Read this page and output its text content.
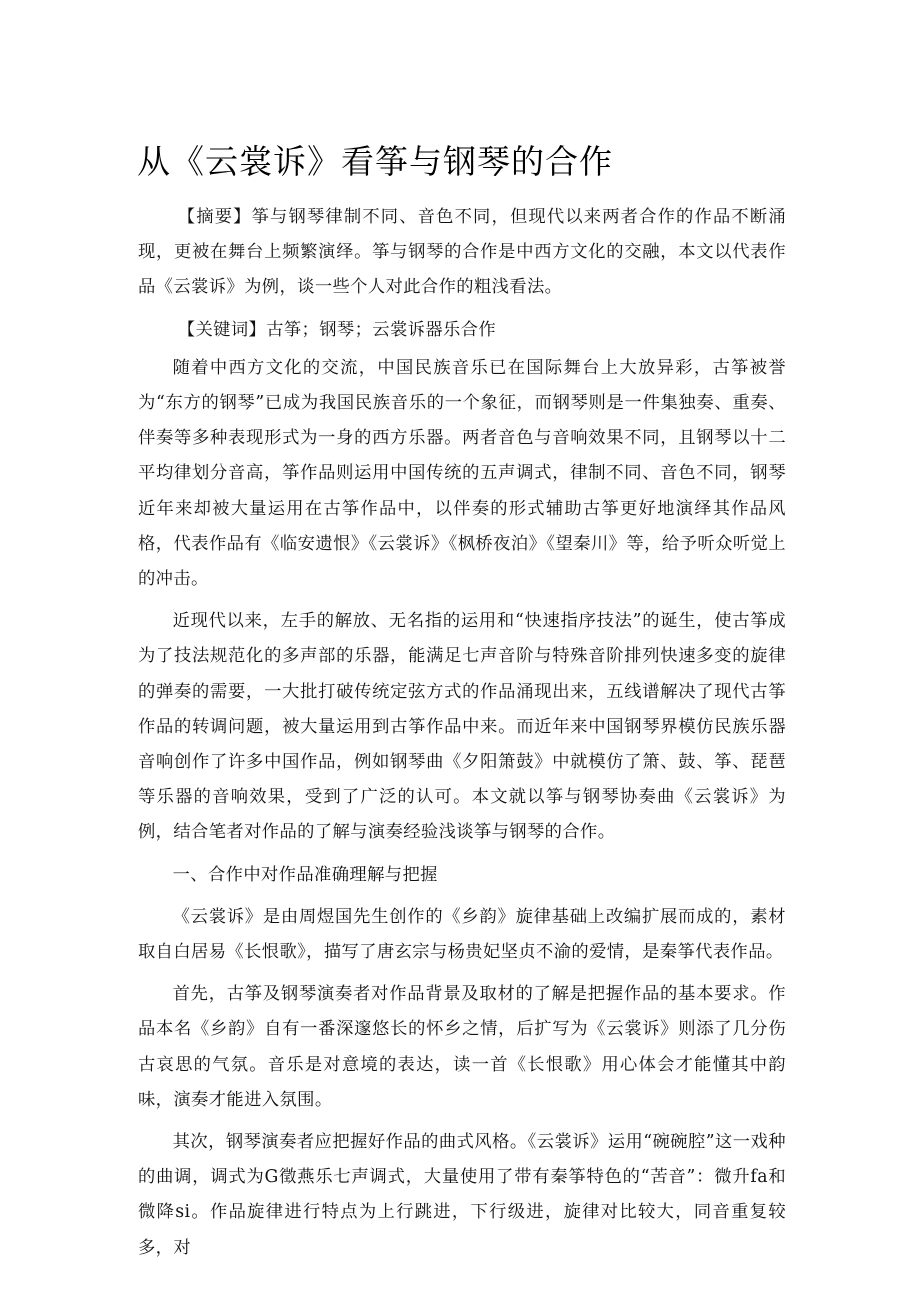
从《云裳诉》看筝与钢琴的合作

【摘要】筝与钢琴律制不同、音色不同，但现代以来两者合作的作品不断涌现，更被在舞台上频繁演绎。筝与钢琴的合作是中西方文化的交融，本文以代表作品《云裳诉》为例，谈一些个人对此合作的粗浅看法。

【关键词】古筝；钢琴；云裳诉器乐合作

随着中西方文化的交流，中国民族音乐已在国际舞台上大放异彩，古筝被誉为“东方的钢琴”已成为我国民族音乐的一个象征，而钢琴则是一件集独奏、重奏、伴奏等多种表现形式为一身的西方乐器。两者音色与音响效果不同，且钢琴以十二平均律划分音高，筝作品则运用中国传统的五声调式，律制不同、音色不同，钢琴近年来却被大量运用在古筝作品中，以伴奏的形式辅助古筝更好地演绎其作品风格，代表作品有《临安遗恨》《云裳诉》《枫桥夜泊》《望秦川》等，给予听众听觉上的冲击。

近现代以来，左手的解放、无名指的运用和“快速指序技法”的诞生，使古筝成为了技法规范化的多声部的乐器，能满足七声音阶与特殊音阶排列快速多变的旋律的弹奏的需要，一大批打破传统定弦方式的作品涌现出来，五线谱解决了现代古筝作品的转调问题，被大量运用到古筝作品中来。而近年来中国钢琴界模仿民族乐器音响创作了许多中国作品，例如钢琴曲《夕阳箫鼓》中就模仿了箫、鼓、筝、琵琶等乐器的音响效果，受到了广泛的认可。本文就以筝与钢琴协奏曲《云裳诉》为例，结合笔者对作品的了解与演奏经验浅谈筝与钢琴的合作。

一、合作中对作品准确理解与把握

《云裳诉》是由周煜国先生创作的《乡韵》旋律基础上改编扩展而成的，素材取自白居易《长恨歌》，描写了唐玄宗与杨贵妃坚贞不渝的爱情，是秦筝代表作品。

首先，古筝及钢琴演奏者对作品背景及取材的了解是把握作品的基本要求。作品本名《乡韵》自有一番深邃悠长的怀乡之情，后扩写为《云裳诉》则添了几分伤古哀思的气氛。音乐是对意境的表达，读一首《长恨歌》用心体会才能懂其中韵味，演奏才能进入氛围。

其次，钢琴演奏者应把握好作品的曲式风格。《云裳诉》运用“碗碗腔”这一戏种的曲调，调式为G徵燕乐七声调式，大量使用了带有秦筝特色的“苦音”：微升fa和微降si。作品旋律进行特点为上行跳进，下行级进，旋律对比较大，同音重复较多，对
